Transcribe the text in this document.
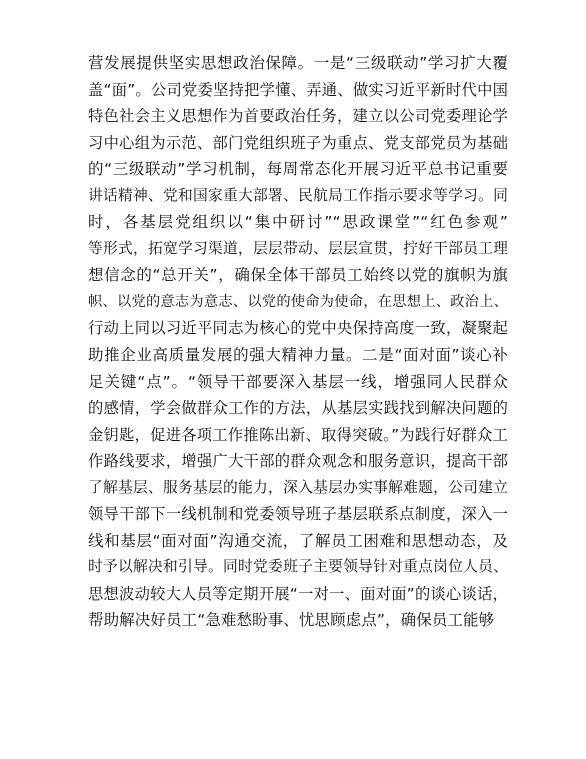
营发展提供坚实思想政治保障。一是“三级联动”学习扩大覆
盖“面”。公司党委坚持把学懂、弄通、做实习近平新时代中国
特色社会主义思想作为首要政治任务，建立以公司党委理论学
习中心组为示范、部门党组织班子为重点、党支部党员为基础
的“三级联动”学习机制，每周常态化开展习近平总书记重要
讲话精神、党和国家重大部署、民航局工作指示要求等学习。同
时，各基层党组织以“集中研讨”“思政课堂”“红色参观”
等形式，拓宽学习渠道，层层带动、层层宣贯，拧好干部员工理
想信念的“总开关”，确保全体干部员工始终以党的旗帜为旗
帜、以党的意志为意志、以党的使命为使命，在思想上、政治上、
行动上同以习近平同志为核心的党中央保持高度一致，凝聚起
助推企业高质量发展的强大精神力量。二是“面对面”谈心补
足关键“点”。“领导干部要深入基层一线，增强同人民群众
的感情，学会做群众工作的方法，从基层实践找到解决问题的
金钥匙，促进各项工作推陈出新、取得突破。”为践行好群众工
作路线要求，增强广大干部的群众观念和服务意识，提高干部
了解基层、服务基层的能力，深入基层办实事解难题，公司建立
领导干部下一线机制和党委领导班子基层联系点制度，深入一
线和基层“面对面”沟通交流，了解员工困难和思想动态，及
时予以解决和引导。同时党委班子主要领导针对重点岗位人员、
思想波动较大人员等定期开展“一对一、面对面”的谈心谈话，
帮助解决好员工“急难愁盼事、忧思顾虑点”，确保员工能够
